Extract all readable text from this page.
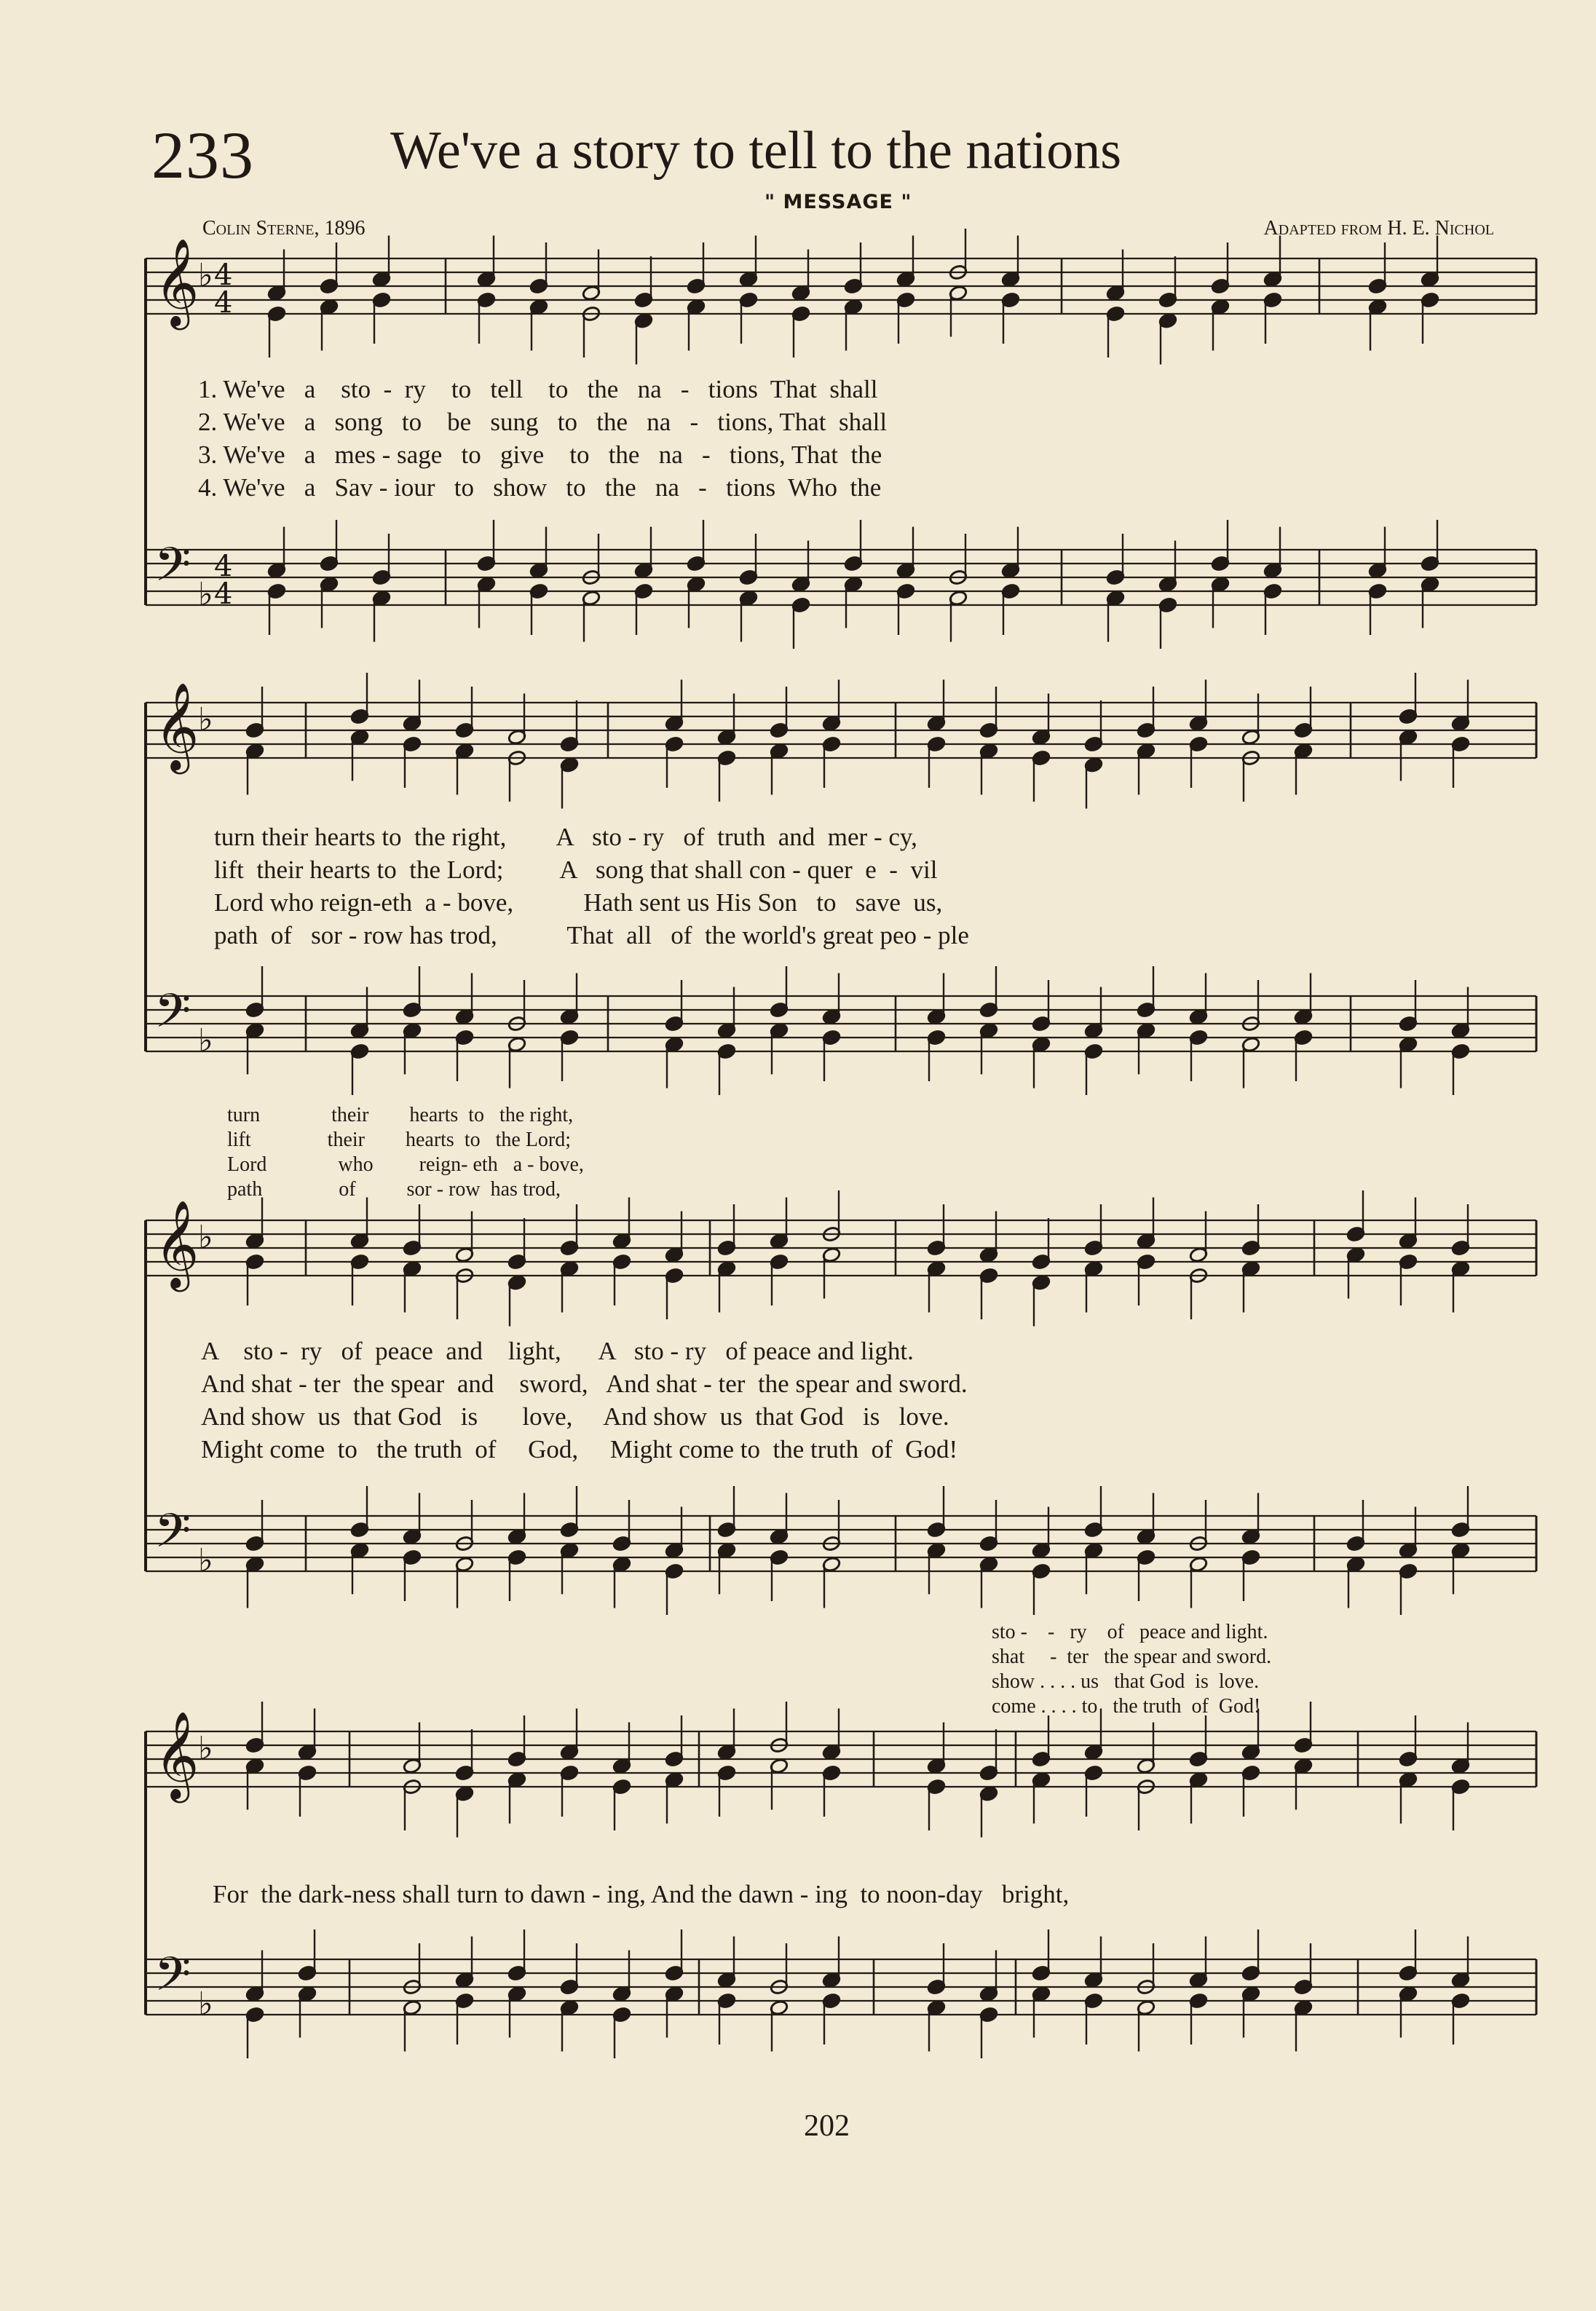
233	We've a story to tell to the nations
" MESSAGE "
Colin Sterne, 1896	Adapted from H. E. Nichol
𝄞
𝄢
♭
♭
4
4
4
4
𝄞
𝄢
♭
♭
𝄞
𝄢
♭
♭
𝄞
𝄢
♭
♭
1. We've   a    sto  -  ry    to   tell    to   the   na   -   tions  That  shall
2. We've   a   song   to    be   sung   to   the   na   -   tions, That  shall
3. We've   a   mes - sage   to   give    to   the   na   -   tions, That  the
4. We've   a   Sav - iour   to   show   to   the   na   -   tions  Who  the
turn their hearts to  the right,        A   sto - ry   of  truth  and  mer - cy,
lift  their hearts to  the Lord;         A   song that shall con - quer  e  -  vil
Lord who reign-eth  a - bove,           Hath sent us His Son   to   save  us,
path  of   sor - row has trod,           That  all   of  the world's great peo - ple
turn              their        hearts  to   the right,
lift               their        hearts  to   the Lord;
Lord              who         reign- eth   a - bove,
path               of          sor - row  has trod,
A    sto -  ry   of  peace  and    light,      A   sto - ry   of peace and light.
And shat - ter  the spear  and    sword,   And shat - ter  the spear and sword.
And show  us  that God   is       love,     And show  us  that God   is   love.
Might come  to   the truth  of     God,     Might come to  the truth  of  God!
sto -    -   ry    of   peace and light.
shat     -  ter   the spear and sword.
show . . . . us   that God  is  love.
come . . . . to   the truth  of  God!
For  the dark-ness shall turn to dawn - ing, And the dawn - ing  to noon-day   bright,
202
